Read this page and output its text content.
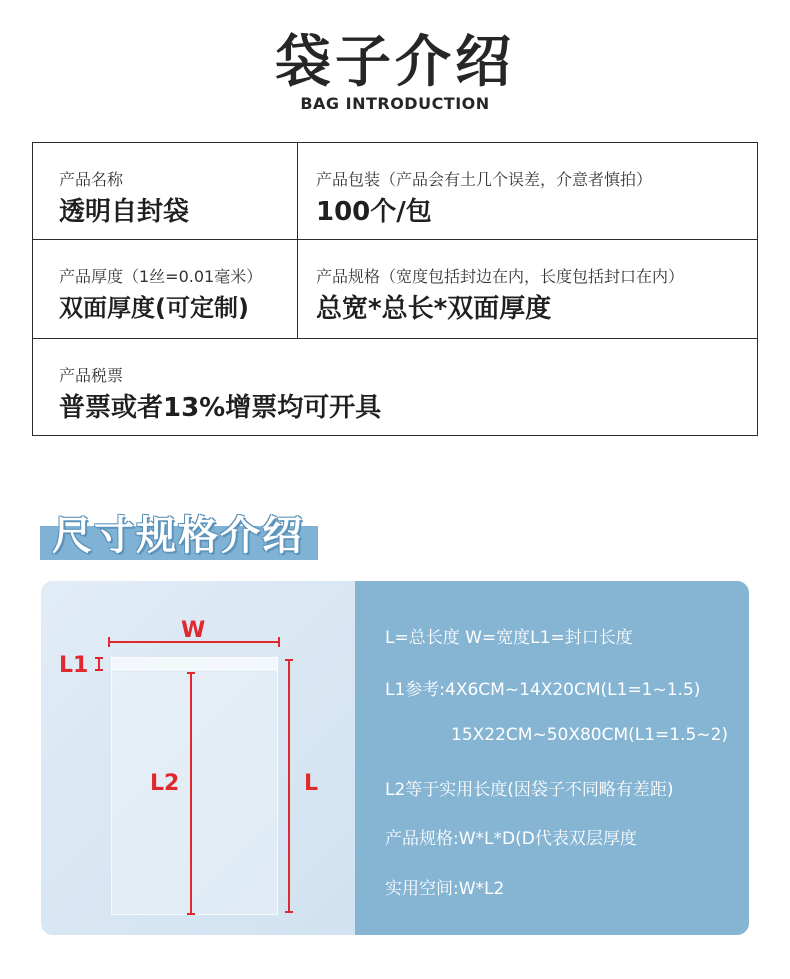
袋子介绍
BAG INTRODUCTION
产品名称
透明自封袋
产品包装（产品会有土几个误差，介意者慎拍）
100个/包
产品厚度（1丝=0.01毫米）
双面厚度(可定制)
产品规格（宽度包括封边在内，长度包括封口在内）
总宽*总长*双面厚度
产品税票
普票或者13%增票均可开具
尺寸规格介绍
W
L1
L2	L
L=总长度 W=宽度L1=封口长度
L1参考:4X6CM~14X20CM(L1=1~1.5)
15X22CM~50X80CM(L1=1.5~2)
L2等于实用长度(因袋子不同略有差距)
产品规格:W*L*D(D代表双层厚度
实用空间:W*L2
